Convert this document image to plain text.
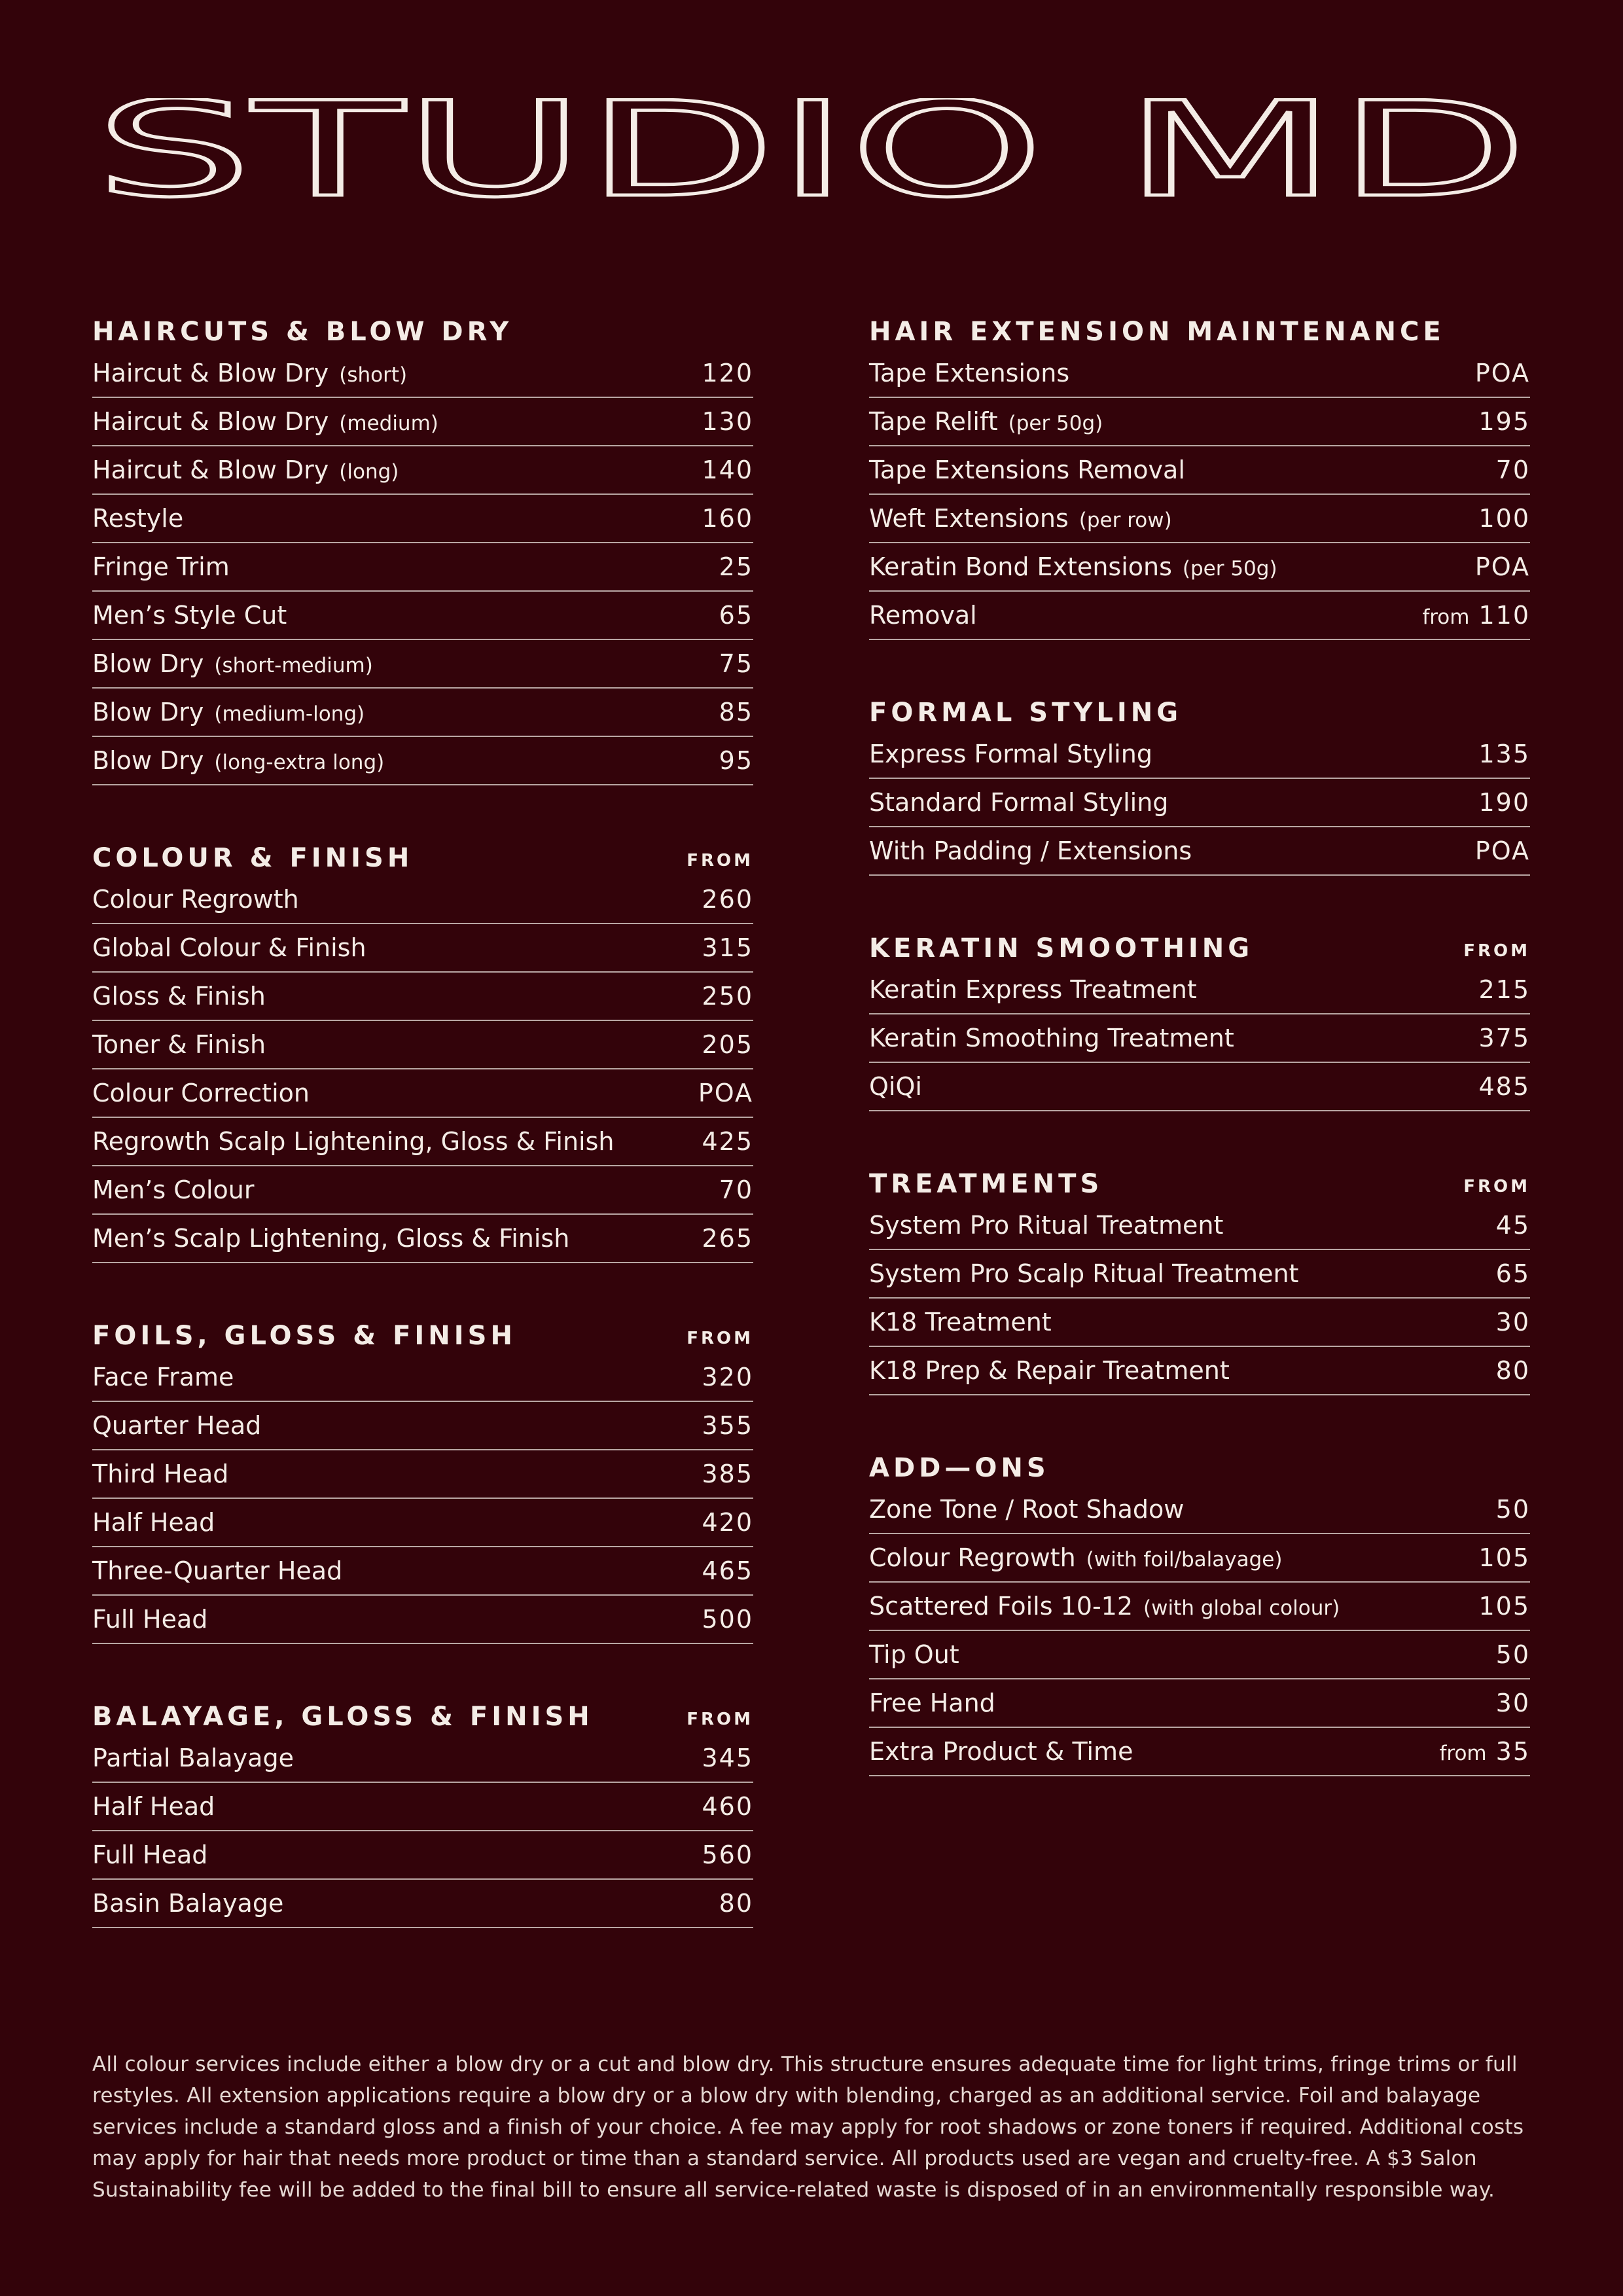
STUDIO MD
HAIRCUTS & BLOW DRY
Haircut & Blow Dry (short)	120
Haircut & Blow Dry (medium)	130
Haircut & Blow Dry (long)	140
Restyle	160
Fringe Trim	25
Men’s Style Cut	65
Blow Dry (short-medium)	75
Blow Dry (medium-long)	85
Blow Dry (long-extra long)	95
COLOUR & FINISH	FROM
Colour Regrowth	260
Global Colour & Finish	315
Gloss & Finish	250
Toner & Finish	205
Colour Correction	POA
Regrowth Scalp Lightening, Gloss & Finish	425
Men’s Colour	70
Men’s Scalp Lightening, Gloss & Finish	265
FOILS, GLOSS & FINISH	FROM
Face Frame	320
Quarter Head	355
Third Head	385
Half Head	420
Three-Quarter Head	465
Full Head	500
BALAYAGE, GLOSS & FINISH	FROM
Partial Balayage	345
Half Head	460
Full Head	560
Basin Balayage	80
HAIR EXTENSION MAINTENANCE
Tape Extensions	POA
Tape Relift (per 50g)	195
Tape Extensions Removal	70
Weft Extensions (per row)	100
Keratin Bond Extensions (per 50g)	POA
Removal	from 110
FORMAL STYLING
Express Formal Styling	135
Standard Formal Styling	190
With Padding / Extensions	POA
KERATIN SMOOTHING	FROM
Keratin Express Treatment	215
Keratin Smoothing Treatment	375
QiQi	485
TREATMENTS	FROM
System Pro Ritual Treatment	45
System Pro Scalp Ritual Treatment	65
K18 Treatment	30
K18 Prep & Repair Treatment	80
ADD—ONS
Zone Tone / Root Shadow	50
Colour Regrowth (with foil/balayage)	105
Scattered Foils 10-12 (with global colour)	105
Tip Out	50
Free Hand	30
Extra Product & Time	from 35
All colour services include either a blow dry or a cut and blow dry. This structure ensures adequate time for light trims, fringe trims or full restyles. All extension applications require a blow dry or a blow dry with blending, charged as an additional service. Foil and balayage services include a standard gloss and a finish of your choice. A fee may apply for root shadows or zone toners if required. Additional costs may apply for hair that needs more product or time than a standard service. All products used are vegan and cruelty-free. A $3 Salon Sustainability fee will be added to the final bill to ensure all service-related waste is disposed of in an environmentally responsible way.
